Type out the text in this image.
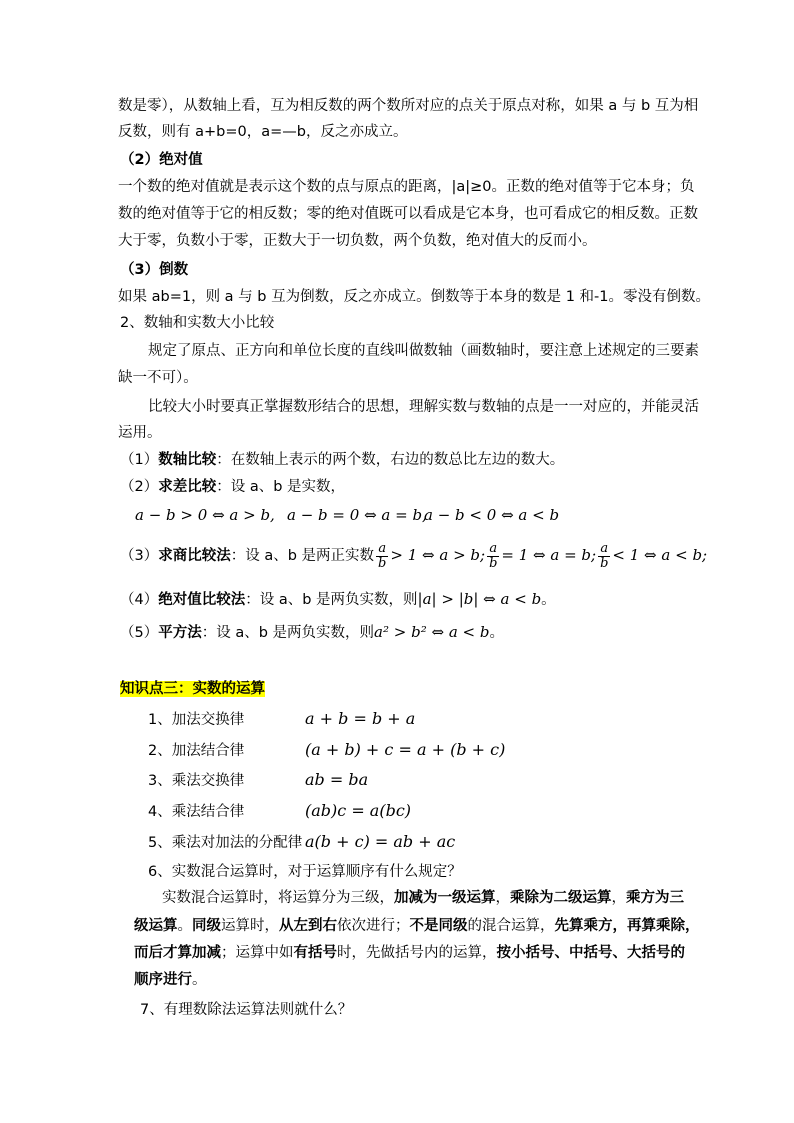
数是零），从数轴上看，互为相反数的两个数所对应的点关于原点对称，如果 a 与 b 互为相
反数，则有 a+b=0，a=—b，反之亦成立。
（2）绝对值
一个数的绝对值就是表示这个数的点与原点的距离，|a|≥0。正数的绝对值等于它本身；负
数的绝对值等于它的相反数；零的绝对值既可以看成是它本身，也可看成它的相反数。正数
大于零，负数小于零，正数大于一切负数，两个负数，绝对值大的反而小。
（3）倒数
如果 ab=1，则 a 与 b 互为倒数，反之亦成立。倒数等于本身的数是 1 和-1。零没有倒数。
2、数轴和实数大小比较
规定了原点、正方向和单位长度的直线叫做数轴（画数轴时，要注意上述规定的三要素
缺一不可）。
比较大小时要真正掌握数形结合的思想，理解实数与数轴的点是一一对应的，并能灵活
运用。
（1）数轴比较：在数轴上表示的两个数，右边的数总比左边的数大。
（2）求差比较：设 a、b 是实数，
a − b > 0 ⇔ a > b, a − b = 0 ⇔ a = b,
a − b < 0 ⇔ a < b
（3）求商比较法：设 a、b 是两正实数 $\frac{a}{b} > 1$ ⇔ a > b; $\frac{a}{b} = 1$ ⇔ a = b; $\frac{a}{b} < 1$ ⇔ a < b;
（4）绝对值比较法：设 a、b 是两负实数，则|a| > |b| ⇔ a < b。
（5）平方法：设 a、b 是两负实数，则a² > b² ⇔ a < b。
知识点三：实数的运算
1、加法交换律	a + b = b + a
2、加法结合律	(a + b) + c = a + (b + c)
3、乘法交换律	ab = ba
4、乘法结合律	(ab)c = a(bc)
5、乘法对加法的分配律 a(b + c) = ab + ac
6、实数混合运算时，对于运算顺序有什么规定？
实数混合运算时，将运算分为三级，加减为一级运算，乘除为二级运算，乘方为三
级运算。同级运算时，从左到右依次进行；不是同级的混合运算，先算乘方，再算乘除，
而后才算加减；运算中如有括号时，先做括号内的运算，按小括号、中括号、大括号的
顺序进行。
7、有理数除法运算法则就什么？
